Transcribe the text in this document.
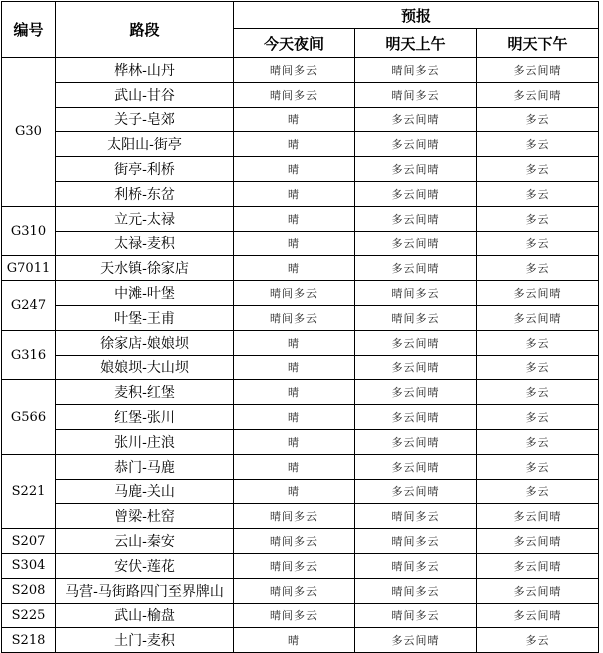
编号	路段	预报		
		今天夜间	明天上午	明天下午
G30	桦林-山丹	晴间多云	晴间多云	多云间晴
	武山-甘谷	晴间多云	晴间多云	多云间晴
	关子-皂郊	晴	多云间晴	多云
	太阳山-街亭	晴	多云间晴	多云
	街亭-利桥	晴	多云间晴	多云
	利桥-东岔	晴	多云间晴	多云
G310	立元-太禄	晴	多云间晴	多云
	太禄-麦积	晴	多云间晴	多云
G7011	天水镇-徐家店	晴	多云间晴	多云
G247	中滩-叶堡	晴间多云	晴间多云	多云间晴
	叶堡-王甫	晴间多云	晴间多云	多云间晴
G316	徐家店-娘娘坝	晴	多云间晴	多云
	娘娘坝-大山坝	晴	多云间晴	多云
G566	麦积-红堡	晴	多云间晴	多云
	红堡-张川	晴	多云间晴	多云
	张川-庄浪	晴	多云间晴	多云
S221	恭门-马鹿	晴	多云间晴	多云
	马鹿-关山	晴	多云间晴	多云
	曾梁-杜窑	晴间多云	晴间多云	多云间晴
S207	云山-秦安	晴间多云	晴间多云	多云间晴
S304	安伏-莲花	晴间多云	晴间多云	多云间晴
S208	马营-马街路四门至界牌山	晴间多云	晴间多云	多云间晴
S225	武山-榆盘	晴间多云	晴间多云	多云间晴
S218	土门-麦积	晴	多云间晴	多云
